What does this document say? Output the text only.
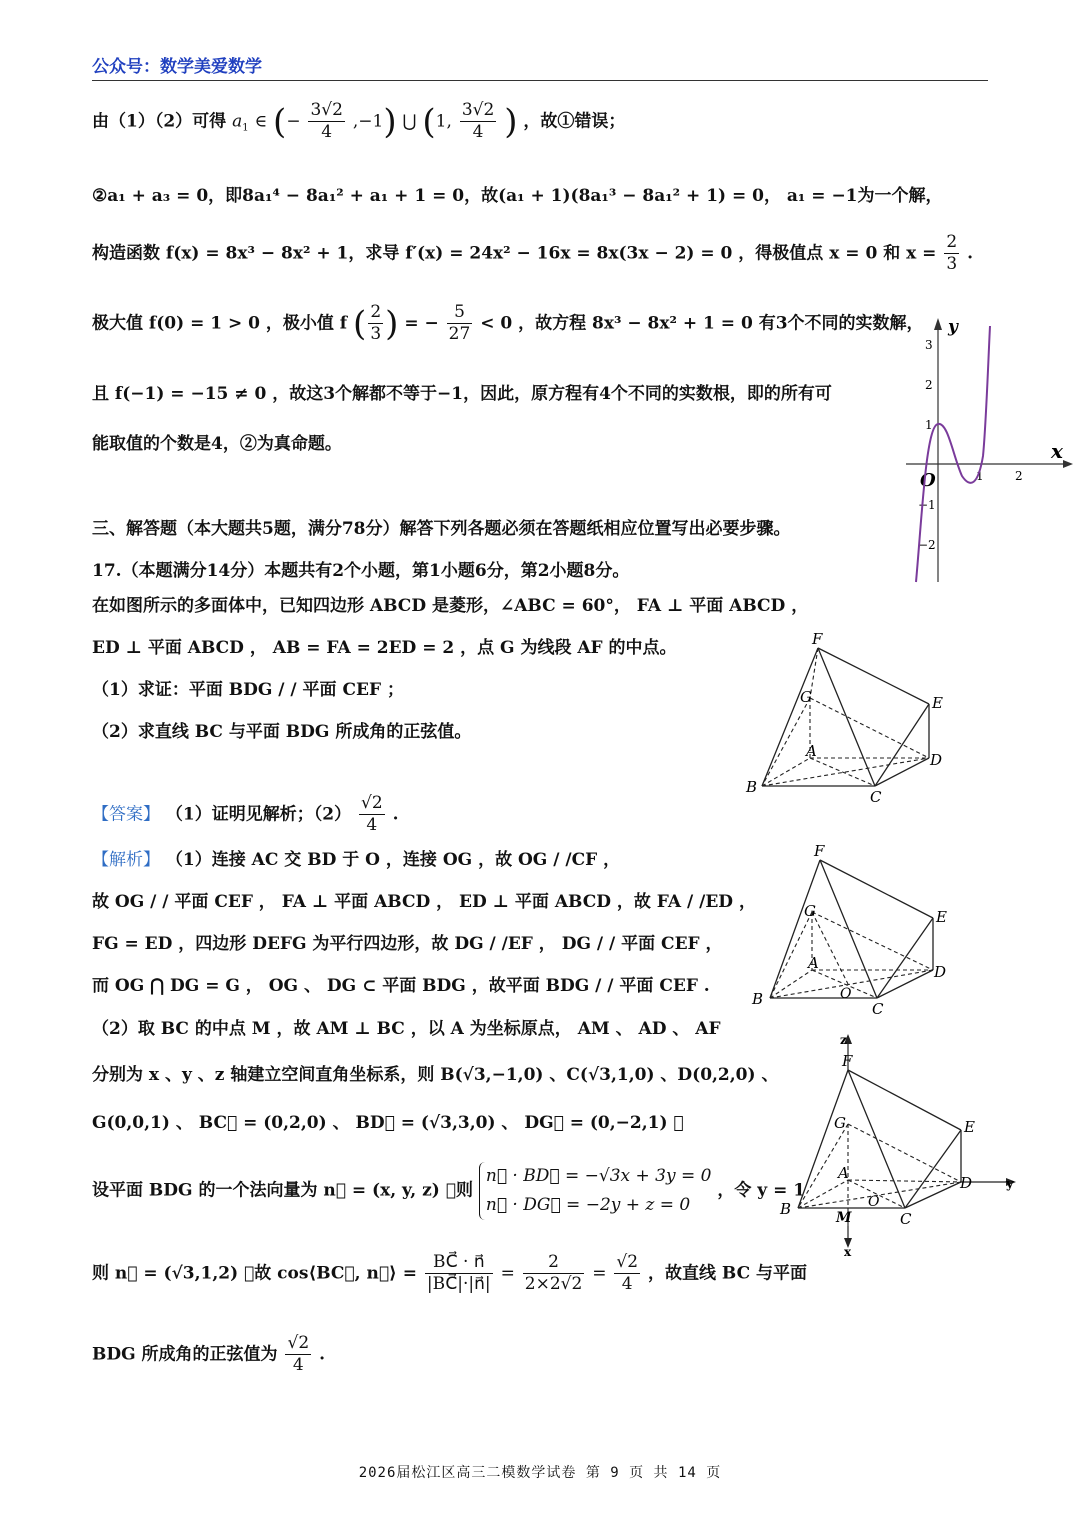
公众号：数学美爱数学
由（1）（2）可得 $a_1$ ∈ (− $\frac{3√2}{4} ,-1$) ⋃ (1, $\frac{3√2}{4}$ ) ，故①错误；
②a₁ + a₃ = 0，即8a₁⁴ − 8a₁² + a₁ + 1 = 0，故(a₁ + 1)(8a₁³ − 8a₁² + 1) = 0， a₁ = −1为一个解，
构造函数 f(x) = 8x³ − 8x² + 1，求导 f′(x) = 24x² − 16x = 8x(3x − 2) = 0 ，得极值点 x = 0 和 $x = \frac{2}{3}$ .
极大值 f(0) = 1 > 0 ，极小值 f ( $\frac{2}{3}$ ) = − $\frac{5}{27} < 0$ ，故方程 8x³ − 8x² + 1 = 0 有3个不同的实数解，
且 f(−1) = −15 ≠ 0 ，故这3个解都不等于−1，因此，原方程有4个不同的实数根，即的所有可
能取值的个数是4，②为真命题。
y
x
O
3
2
1
−1
−2
1	2
三、解答题（本大题共5题，满分78分）解答下列各题必须在答题纸相应位置写出必要步骤。
17.（本题满分14分）本题共有2个小题，第1小题6分，第2小题8分。
在如图所示的多面体中，已知四边形 ABCD 是菱形，∠ABC = 60°， FA ⊥ 平面 ABCD ，
ED ⊥ 平面 ABCD ， AB = FA = 2ED = 2 ，点 G 为线段 AF 的中点。
（1）求证：平面 BDG / / 平面 CEF ；
（2）求直线 BC 与平面 BDG 所成角的正弦值。
F
G	E
A	D
B
C
【答案】 （1）证明见解析；$(2) \frac{√2}{4}$ .
【解析】 （1）连接 AC 交 BD 于 O ，连接 OG ，故 OG / /CF ，
故 OG / / 平面 CEF ， FA ⊥ 平面 ABCD ， ED ⊥ 平面 ABCD ，故 FA / /ED ，
FG = ED ，四边形 DEFG 为平行四边形，故 DG / /EF ， DG / / 平面 CEF ，
而 OG ⋂ DG = G ， OG 、 DG ⊂ 平面 BDG ，故平面 BDG / / 平面 CEF .
（2）取 BC 的中点 M ，故 AM ⊥ BC ，以 A 为坐标原点， AM 、 AD 、 AF
分别为 x 、y 、z 轴建立空间直角坐标系，则 B(√3,−1,0) 、C(√3,1,0) 、D(0,2,0) 、
G(0,0,1) 、 BC⃗ = (0,2,0) 、 BD⃗ = (√3,3,0) 、 DG⃗ = (0,−2,1) ，
设平面 BDG 的一个法向量为 n⃗ = (x, y, z) ，则
n⃗ · BD⃗ = −√3x + 3y = 0
n⃗ · DG⃗ = −2y + z = 0
，令 y = 1
则 n⃗ = (√3,1,2) ，故 cos⟨BC⃗, n⃗⟩ = $\frac{BC⃗ \cdot n⃗}{|BC⃗|\cdot|n⃗|} = \frac{2}{2\times 2√2} = \frac{√2}{4}$ ，故直线 BC 与平面
BDG 所成角的正弦值为 $\frac{√2}{4}$ .
F
G	E
A	D
B
C
O
z
F
G	E
A
D	y
B
C
O
M
x
2026届松江区高三二模数学试卷 第 9 页 共 14 页
